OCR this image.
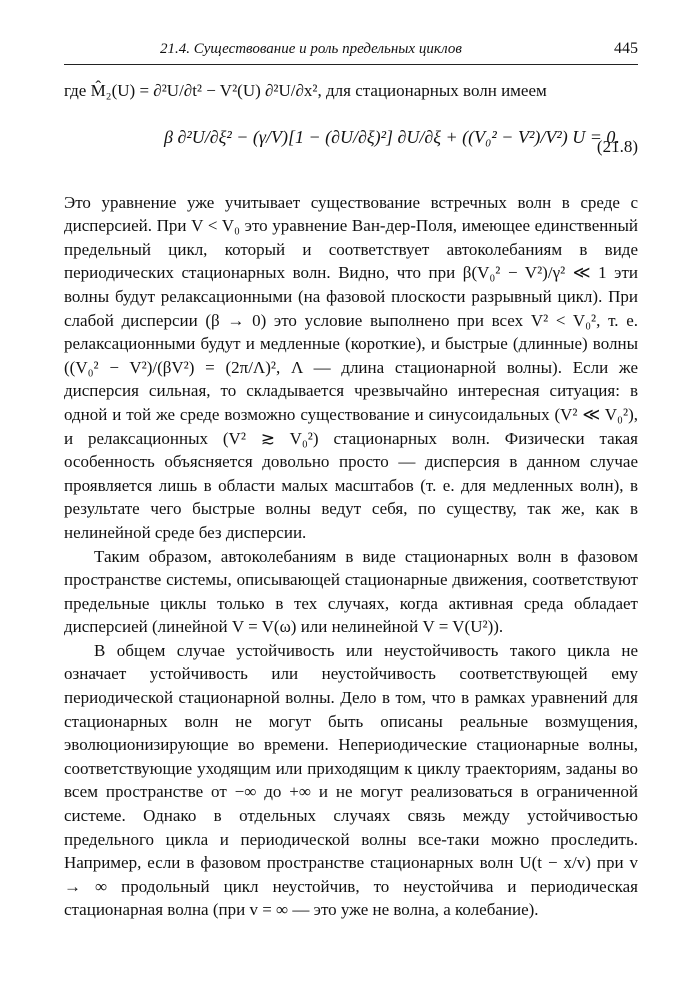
21.4. Существование и роль предельных циклов	445

где M̂₂(U) = ∂²U/∂t² − V²(U) ∂²U/∂x², для стационарных волн имеем

β ∂²U/∂ξ² − (γ/V)[1 − (∂U/∂ξ)²] ∂U/∂ξ + ((V₀² − V²)/V²) U = 0.
(21.8)

Это уравнение уже учитывает существование встречных волн в среде с дисперсией. При V < V₀ это уравнение Ван-дер-Поля, имеющее единственный предельный цикл, который и соответствует автоколебаниям в виде периодических стационарных волн. Видно, что при β(V₀² − V²)/γ² ≪ 1 эти волны будут релаксационными (на фазовой плоскости разрывный цикл). При слабой дисперсии (β → 0) это условие выполнено при всех V² < V₀², т. е. релаксационными будут и медленные (короткие), и быстрые (длинные) волны ((V₀² − V²)/(βV²) = (2π/Λ)², Λ — длина стационарной волны). Если же дисперсия сильная, то складывается чрезвычайно интересная ситуация: в одной и той же среде возможно существование и синусоидальных (V² ≪ V₀²), и релаксационных (V² ≳ V₀²) стационарных волн. Физически такая особенность объясняется довольно просто — дисперсия в данном случае проявляется лишь в области малых масштабов (т. е. для медленных волн), в результате чего быстрые волны ведут себя, по существу, так же, как в нелинейной среде без дисперсии.

Таким образом, автоколебаниям в виде стационарных волн в фазовом пространстве системы, описывающей стационарные движения, соответствуют предельные циклы только в тех случаях, когда активная среда обладает дисперсией (линейной V = V(ω) или нелинейной V = V(U²)).

В общем случае устойчивость или неустойчивость такого цикла не означает устойчивость или неустойчивость соответствующей ему периодической стационарной волны. Дело в том, что в рамках уравнений для стационарных волн не могут быть описаны реальные возмущения, эволюционизирующие во времени. Непериодические стационарные волны, соответствующие уходящим или приходящим к циклу траекториям, заданы во всем пространстве от −∞ до +∞ и не могут реализоваться в ограниченной системе. Однако в отдельных случаях связь между устойчивостью предельного цикла и периодической волны все-таки можно проследить. Например, если в фазовом пространстве стационарных волн U(t − x/v) при v → ∞ продольный цикл неустойчив, то неустойчива и периодическая стационарная волна (при v = ∞ — это уже не волна, а колебание).
